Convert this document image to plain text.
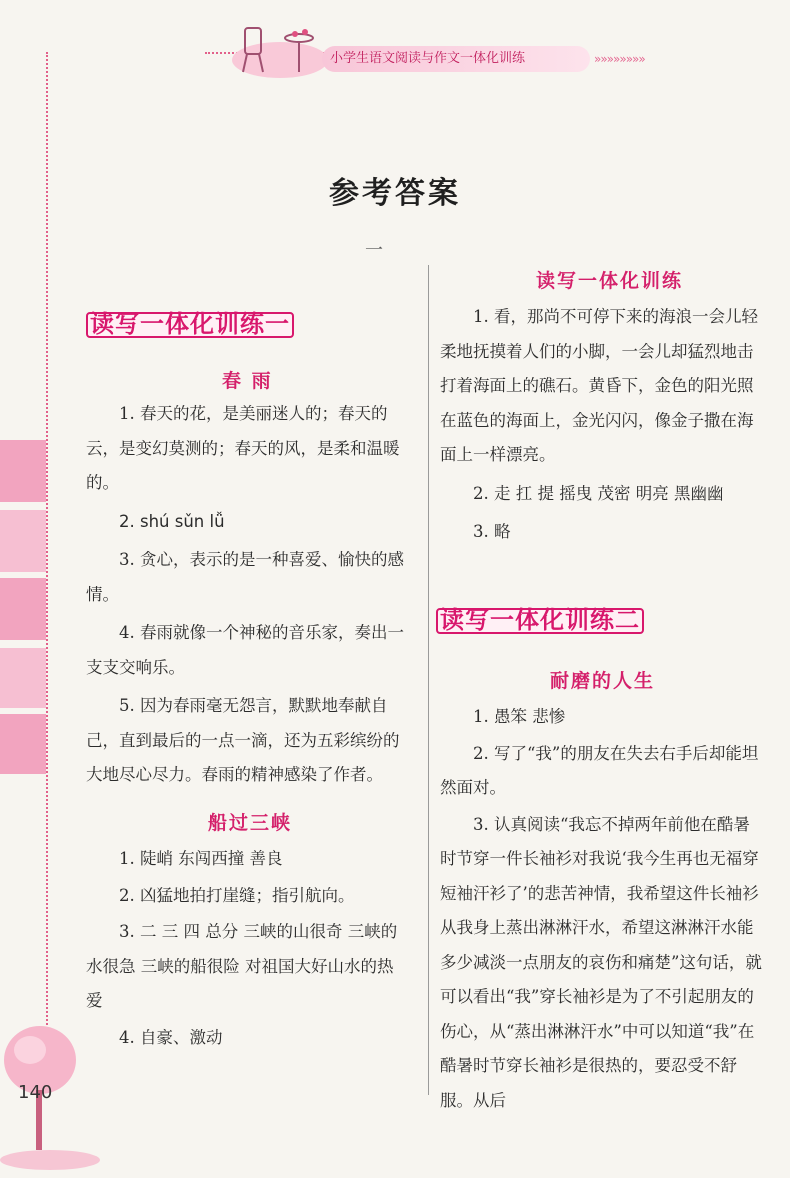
小学生语文阅读与作文一体化训练	»»»»»»»»
参考答案
一
读写一体化训练一
春 雨

1. 春天的花，是美丽迷人的；春天的云，是变幻莫测的；春天的风，是柔和温暖的。

2. shú sǔn lǚ

3. 贪心，表示的是一种喜爱、愉快的感情。

4. 春雨就像一个神秘的音乐家，奏出一支支交响乐。

5. 因为春雨毫无怨言，默默地奉献自己，直到最后的一点一滴，还为五彩缤纷的大地尽心尽力。春雨的精神感染了作者。

船过三峡

1. 陡峭 东闯西撞 善良

2. 凶猛地拍打崖缝；指引航向。

3. 二 三 四 总分 三峡的山很奇 三峡的水很急 三峡的船很险 对祖国大好山水的热爱

4. 自豪、激动

读写一体化训练

1. 看，那尚不可停下来的海浪一会儿轻柔地抚摸着人们的小脚，一会儿却猛烈地击打着海面上的礁石。黄昏下，金色的阳光照在蓝色的海面上，金光闪闪，像金子撒在海面上一样漂亮。

2. 走 扛 提 摇曳 茂密 明亮 黑幽幽

3. 略

读写一体化训练二
耐磨的人生

1. 愚笨 悲惨

2. 写了“我”的朋友在失去右手后却能坦然面对。

3. 认真阅读“我忘不掉两年前他在酷暑时节穿一件长袖衫对我说‘我今生再也无福穿短袖汗衫了’的悲苦神情，我希望这件长袖衫从我身上蒸出淋淋汗水，希望这淋淋汗水能多少减淡一点朋友的哀伤和痛楚”这句话，就可以看出“我”穿长袖衫是为了不引起朋友的伤心，从“蒸出淋淋汗水”中可以知道“我”在酷暑时节穿长袖衫是很热的，要忍受不舒服。从后

140
